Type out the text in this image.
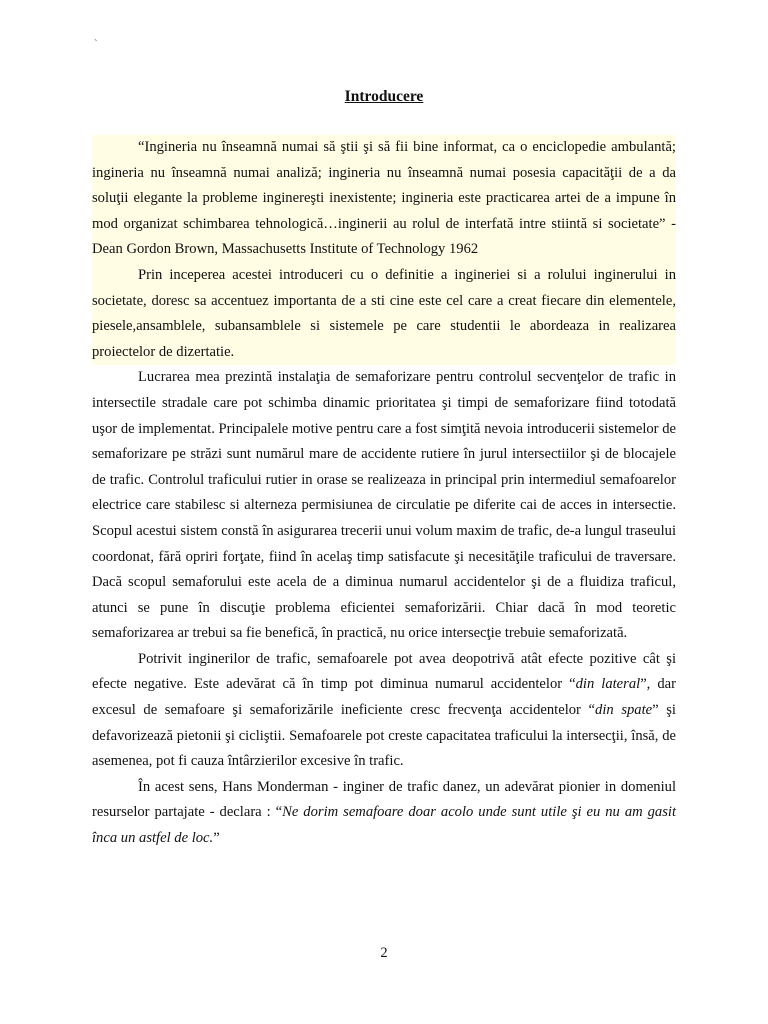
`
Introducere

“Ingineria nu înseamnă numai să ştii şi să fii bine informat, ca o enciclopedie ambulantă; ingineria nu înseamnă numai analiză; ingineria nu înseamnă numai posesia capacităţii de a da soluţii elegante la probleme inginereşti inexistente; ingineria este practicarea artei de a impune în mod organizat schimbarea tehnologică…inginerii au rolul de interfată intre stiintă si societate” - Dean Gordon Brown, Massachusetts Institute of Technology 1962

Prin inceperea acestei introduceri cu o definitie a ingineriei si a rolului inginerului in societate, doresc sa accentuez importanta de a sti cine este cel care a creat fiecare din elementele, piesele,ansamblele, subansamblele si sistemele pe care studentii le abordeaza in realizarea proiectelor de dizertatie.

Lucrarea mea prezintă instalaţia de semaforizare pentru controlul secvenţelor de trafic in intersectile stradale care pot schimba dinamic prioritatea şi timpi de semaforizare fiind totodată uşor de implementat. Principalele motive pentru care a fost simţită nevoia introducerii sistemelor de semaforizare pe străzi sunt numărul mare de accidente rutiere în jurul intersectiilor şi de blocajele de trafic. Controlul traficului rutier in orase se realizeaza in principal prin intermediul semafoarelor electrice care stabilesc si alterneza permisiunea de circulatie pe diferite cai de acces in intersectie. Scopul acestui sistem constă în asigurarea trecerii unui volum maxim de trafic, de-a lungul traseului coordonat, fără opriri forţate, fiind în acelaş timp satisfacute şi necesităţile traficului de traversare. Dacă scopul semaforului este acela de a diminua numarul accidentelor şi de a fluidiza traficul, atunci se pune în discuţie problema eficientei semaforizării. Chiar dacă în mod teoretic semaforizarea ar trebui sa fie benefică, în practică, nu orice intersecţie trebuie semaforizată.

Potrivit inginerilor de trafic, semafoarele pot avea deopotrivă atât efecte pozitive cât şi efecte negative. Este adevărat că în timp pot diminua numarul accidentelor “din lateral”, dar excesul de semafoare şi semaforizările ineficiente cresc frecvenţa accidentelor “din spate” şi defavorizează pietonii şi cicliştii. Semafoarele pot creste capacitatea traficului la intersecţii, însă, de asemenea, pot fi cauza întârzierilor excesive în trafic.

În acest sens, Hans Monderman - inginer de trafic danez, un adevărat pionier in domeniul resurselor partajate - declara : “Ne dorim semafoare doar acolo unde sunt utile şi eu nu am gasit înca un astfel de loc.”

2
